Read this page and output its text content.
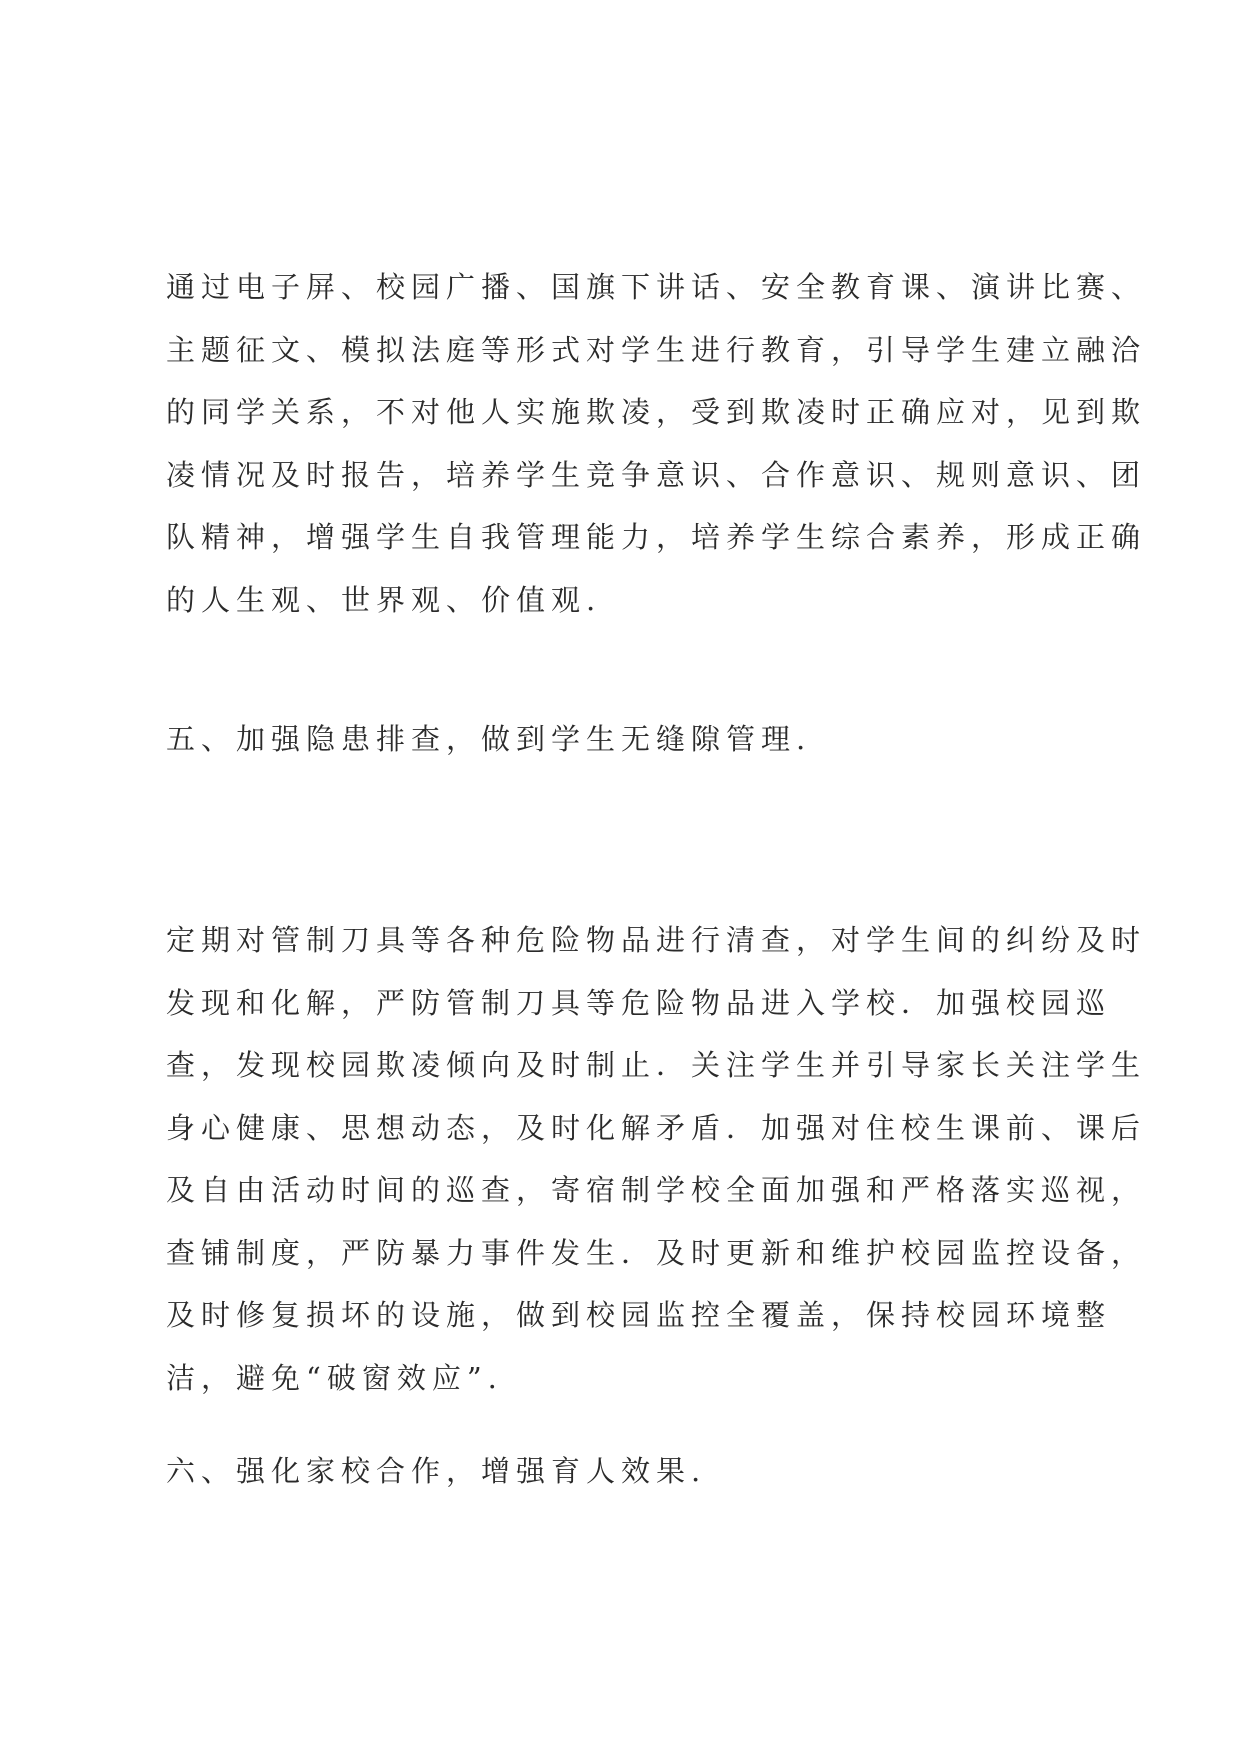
通过电子屏、校园广播、国旗下讲话、安全教育课、演讲比赛、
主题征文、模拟法庭等形式对学生进行教育，引导学生建立融洽
的同学关系，不对他人实施欺凌，受到欺凌时正确应对，见到欺
凌情况及时报告，培养学生竞争意识、合作意识、规则意识、团
队精神，增强学生自我管理能力，培养学生综合素养，形成正确
的人生观、世界观、价值观.
五、加强隐患排查，做到学生无缝隙管理.
定期对管制刀具等各种危险物品进行清查，对学生间的纠纷及时
发现和化解，严防管制刀具等危险物品进入学校．加强校园巡
查，发现校园欺凌倾向及时制止．关注学生并引导家长关注学生
身心健康、思想动态，及时化解矛盾．加强对住校生课前、课后
及自由活动时间的巡查，寄宿制学校全面加强和严格落实巡视，
查铺制度，严防暴力事件发生．及时更新和维护校园监控设备，
及时修复损坏的设施，做到校园监控全覆盖，保持校园环境整
洁，避免“破窗效应”.
六、强化家校合作，增强育人效果.
